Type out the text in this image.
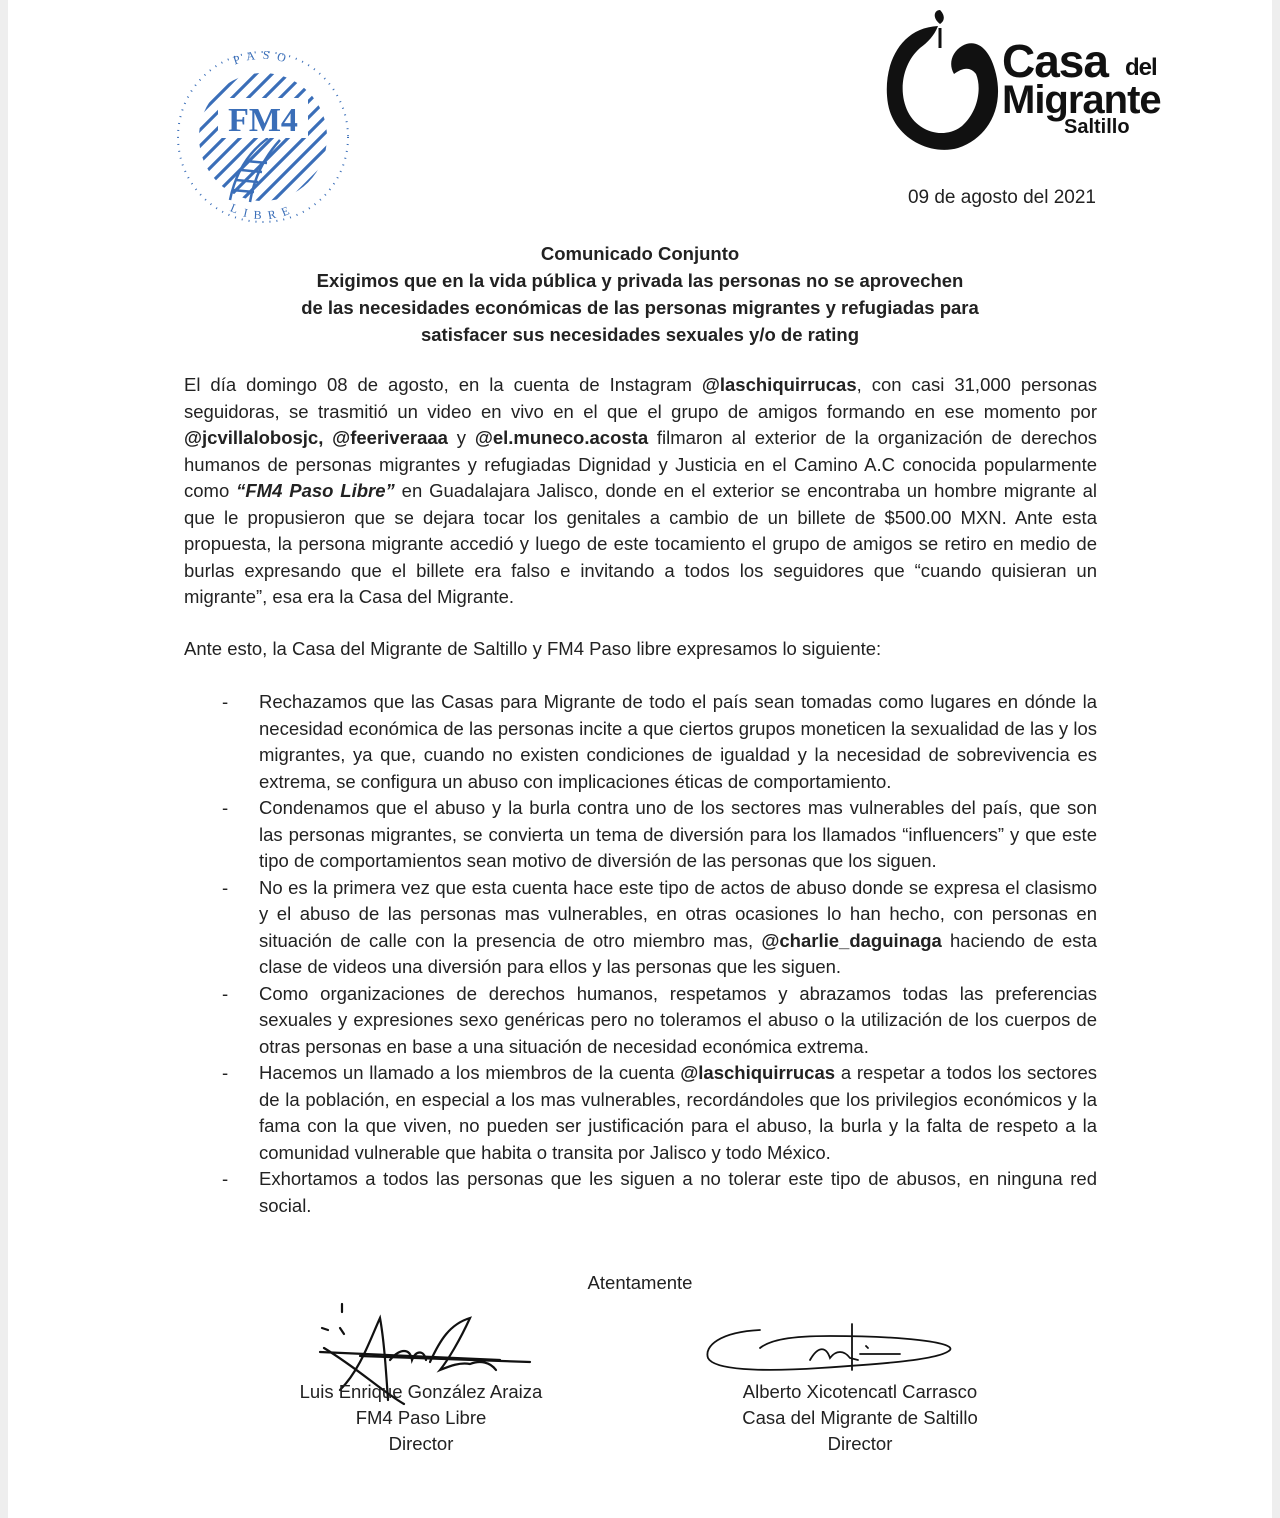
FM4
PASO
LIBRE
Casa del
Migrante
Saltillo
09 de agosto del 2021
Comunicado Conjunto
Exigimos que en la vida pública y privada las personas no se aprovechen
de las necesidades económicas de las personas migrantes y refugiadas para
satisfacer sus necesidades sexuales y/o de rating
El día domingo 08 de agosto, en la cuenta de Instagram @laschiquirrucas, con casi 31,000 personas seguidoras, se trasmitió un video en vivo en el que el grupo de amigos formando en ese momento por @jcvillalobosjc, @feeriveraaa y @el.muneco.acosta filmaron al exterior de la organización de derechos humanos de personas migrantes y refugiadas Dignidad y Justicia en el Camino A.C conocida popularmente como “FM4 Paso Libre” en Guadalajara Jalisco, donde en el exterior se encontraba un hombre migrante al que le propusieron que se dejara tocar los genitales a cambio de un billete de $500.00 MXN. Ante esta propuesta, la persona migrante accedió y luego de este tocamiento el grupo de amigos se retiro en medio de burlas expresando que el billete era falso e invitando a todos los seguidores que “cuando quisieran un migrante”, esa era la Casa del Migrante.
Ante esto, la Casa del Migrante de Saltillo y FM4 Paso libre expresamos lo siguiente:
- Rechazamos que las Casas para Migrante de todo el país sean tomadas como lugares en dónde la necesidad económica de las personas incite a que ciertos grupos moneticen la sexualidad de las y los migrantes, ya que, cuando no existen condiciones de igualdad y la necesidad de sobrevivencia es extrema, se configura un abuso con implicaciones éticas de comportamiento.
- Condenamos que el abuso y la burla contra uno de los sectores mas vulnerables del país, que son las personas migrantes, se convierta un tema de diversión para los llamados “influencers” y que este tipo de comportamientos sean motivo de diversión de las personas que los siguen.
- No es la primera vez que esta cuenta hace este tipo de actos de abuso donde se expresa el clasismo y el abuso de las personas mas vulnerables, en otras ocasiones lo han hecho, con personas en situación de calle con la presencia de otro miembro mas, @charlie_daguinaga haciendo de esta clase de videos una diversión para ellos y las personas que les siguen.
- Como organizaciones de derechos humanos, respetamos y abrazamos todas las preferencias sexuales y expresiones sexo genéricas pero no toleramos el abuso o la utilización de los cuerpos de otras personas en base a una situación de necesidad económica extrema.
- Hacemos un llamado a los miembros de la cuenta @laschiquirrucas a respetar a todos los sectores de la población, en especial a los mas vulnerables, recordándoles que los privilegios económicos y la fama con la que viven, no pueden ser justificación para el abuso, la burla y la falta de respeto a la comunidad vulnerable que habita o transita por Jalisco y todo México.
- Exhortamos a todos las personas que les siguen a no tolerar este tipo de abusos, en ninguna red social.
Atentamente
Luis Enrique González Araiza
FM4 Paso Libre
Director
Alberto Xicotencatl Carrasco
Casa del Migrante de Saltillo
Director
